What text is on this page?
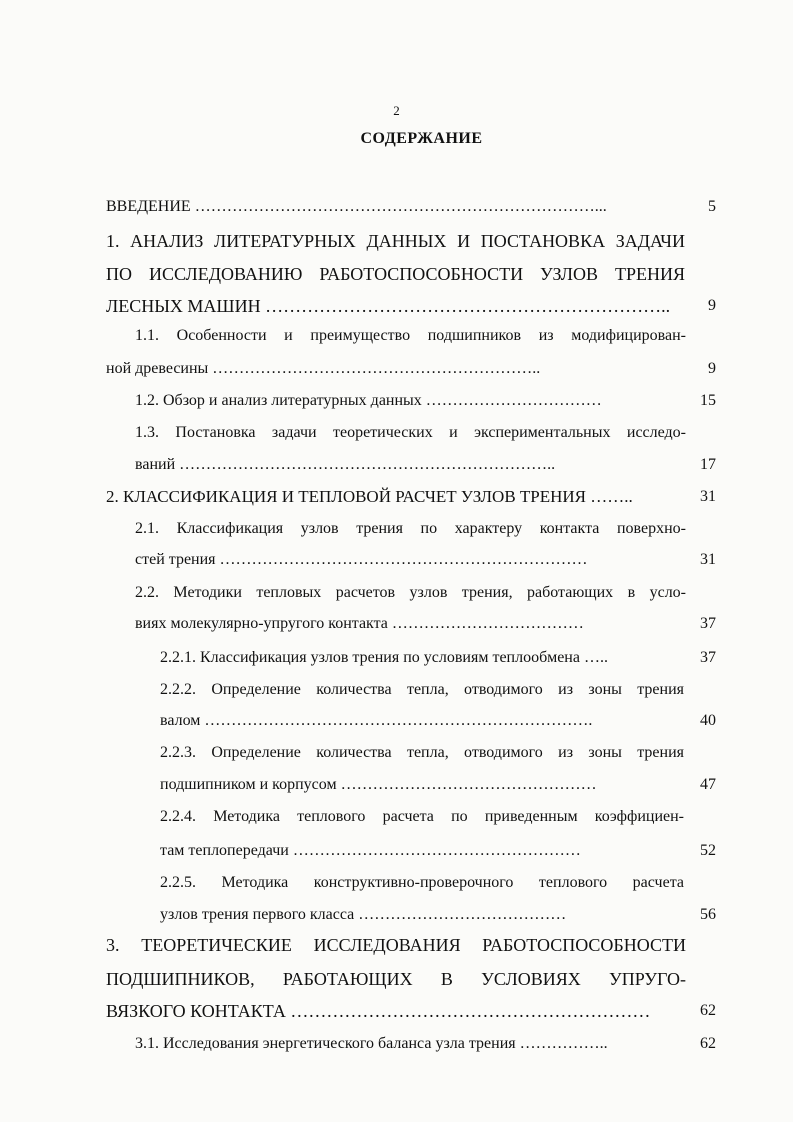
2
СОДЕРЖАНИЕ
ВВЕДЕНИЕ …………………………………………………………………...	5
1. АНАЛИЗ ЛИТЕРАТУРНЫХ ДАННЫХ И ПОСТАНОВКА ЗАДАЧИ
ПО ИССЛЕДОВАНИЮ РАБОТОСПОСОБНОСТИ УЗЛОВ ТРЕНИЯ
ЛЕСНЫХ МАШИН …………………………………………………………..	9
1.1. Особенности и преимущество подшипников из модифицирован-
ной древесины ……………………………………………………..	9
1.2. Обзор и анализ литературных данных ……………………………	15
1.3. Постановка задачи теоретических и экспериментальных исследо-
ваний ……………………………………………………………..	17
2. КЛАССИФИКАЦИЯ И ТЕПЛОВОЙ РАСЧЕТ УЗЛОВ ТРЕНИЯ ……..	31
2.1. Классификация узлов трения по характеру контакта поверхно-
стей трения ……………………………………………………………	31
2.2. Методики тепловых расчетов узлов трения, работающих в усло-
виях молекулярно-упругого контакта ………………………………	37
2.2.1. Классификация узлов трения по условиям теплообмена …..	37
2.2.2. Определение количества тепла, отводимого из зоны трения
валом ……………………………………………………………….	40
2.2.3. Определение количества тепла, отводимого из зоны трения
подшипником и корпусом …………………………………………	47
2.2.4. Методика теплового расчета по приведенным коэффициен-
там теплопередачи ………………………………………………	52
2.2.5. Методика конструктивно-проверочного теплового расчета
узлов трения первого класса …………………………………	56
3. ТЕОРЕТИЧЕСКИЕ ИССЛЕДОВАНИЯ РАБОТОСПОСОБНОСТИ
ПОДШИПНИКОВ, РАБОТАЮЩИХ В УСЛОВИЯХ УПРУГО-
ВЯЗКОГО КОНТАКТА ……………………………………………………	62
3.1. Исследования энергетического баланса узла трения ……………..	62
